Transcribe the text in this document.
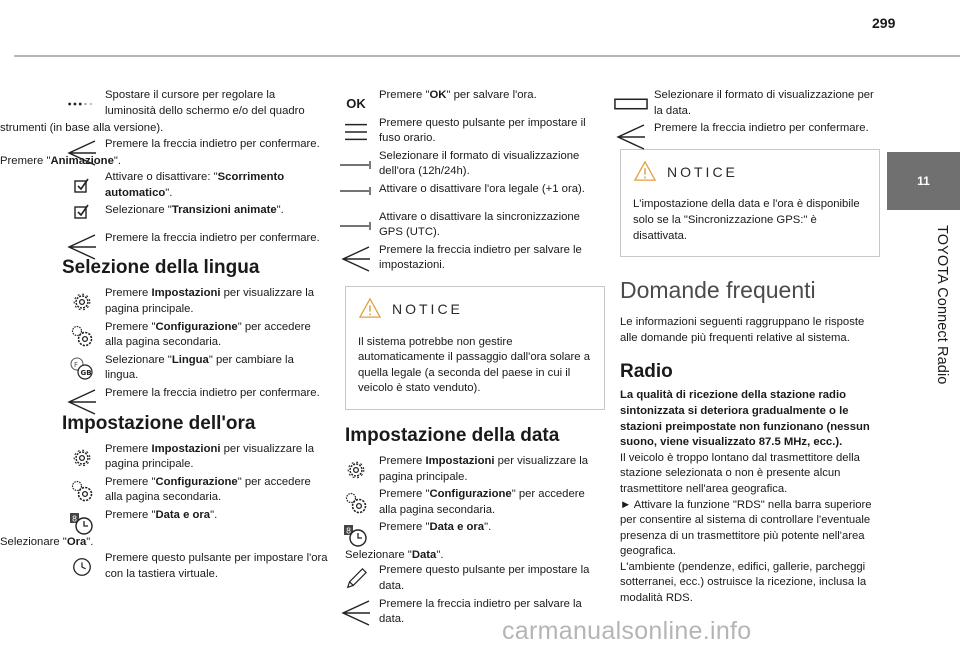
299
11
TOYOTA Connect Radio
Spostare il cursore per regolare la luminosità dello schermo e/o del quadro
strumenti (in base alla versione).
Premere la freccia indietro per confermare.
Premere "Animazione".
Attivare o disattivare: "Scorrimento automatico".
Selezionare "Transizioni animate".
Premere la freccia indietro per confermare.
Selezione della lingua
Premere Impostazioni per visualizzare la pagina principale.
Premere "Configurazione" per accedere alla pagina secondaria.
Selezionare "Lingua" per cambiare la lingua.
Premere la freccia indietro per confermare.
Impostazione dell'ora
Premere Impostazioni per visualizzare la pagina principale.
Premere "Configurazione" per accedere alla pagina secondaria.
Premere "Data e ora".
Selezionare "Ora".
Premere questo pulsante per impostare l'ora con la tastiera virtuale.
OK
Premere "OK" per salvare l'ora.
Premere questo pulsante per impostare il fuso orario.
Selezionare il formato di visualizzazione dell'ora (12h/24h).
Attivare o disattivare l'ora legale (+1 ora).
Attivare o disattivare la sincronizzazione GPS (UTC).
Premere la freccia indietro per salvare le impostazioni.
NOTICE
Il sistema potrebbe non gestire automaticamente il passaggio dall'ora solare a quella legale (a seconda del paese in cui il veicolo è stato venduto).
Impostazione della data
Premere Impostazioni per visualizzare la pagina principale.
Premere "Configurazione" per accedere alla pagina secondaria.
Premere "Data e ora".
Selezionare "Data".
Premere questo pulsante per impostare la data.
Premere la freccia indietro per salvare la data.
Selezionare il formato di visualizzazione per la data.
Premere la freccia indietro per confermare.
NOTICE
L'impostazione della data e l'ora è disponibile solo se la "Sincronizzazione GPS:" è disattivata.
Domande frequenti
Le informazioni seguenti raggruppano le risposte alle domande più frequenti relative al sistema.
Radio
La qualità di ricezione della stazione radio sintonizzata si deteriora gradualmente o le stazioni preimpostate non funzionano (nessun suono, viene visualizzato 87.5 MHz, ecc.).
Il veicolo è troppo lontano dal trasmettitore della stazione selezionata o non è presente alcun trasmettitore nell'area geografica.
► Attivare la funzione "RDS" nella barra superiore per consentire al sistema di controllare l'eventuale presenza di un trasmettitore più potente nell'area geografica.
L'ambiente (pendenze, edifici, gallerie, parcheggi sotterranei, ecc.) ostruisce la ricezione, inclusa la modalità RDS.
carmanualsonline.info
